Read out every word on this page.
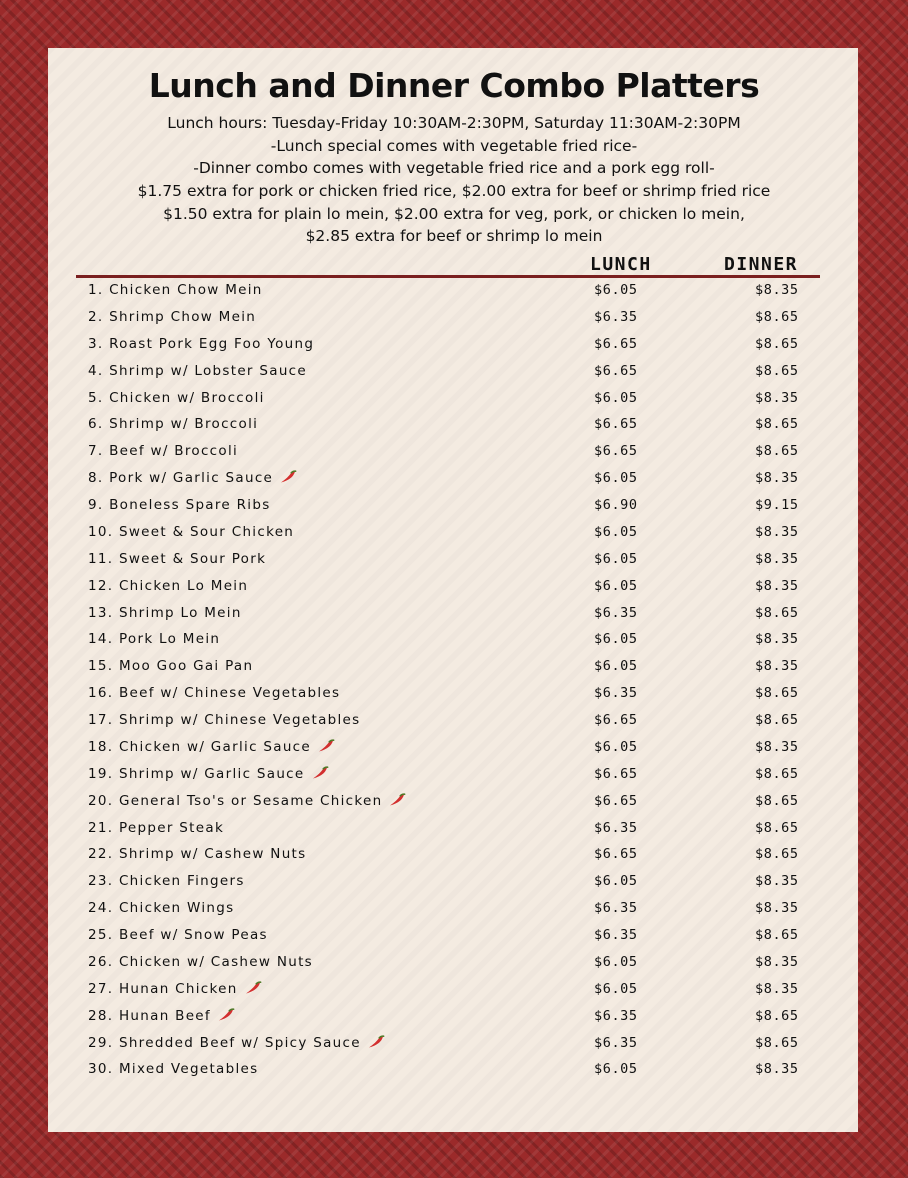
Lunch and Dinner Combo Platters
Lunch hours: Tuesday-Friday 10:30AM-2:30PM, Saturday 11:30AM-2:30PM
-Lunch special comes with vegetable fried rice-
-Dinner combo comes with vegetable fried rice and a pork egg roll-
$1.75 extra for pork or chicken fried rice, $2.00 extra for beef or shrimp fried rice
$1.50 extra for plain lo mein, $2.00 extra for veg, pork, or chicken lo mein,
$2.85 extra for beef or shrimp lo mein
LUNCH	DINNER
1. Chicken Chow Mein	$6.05	$8.35
2. Shrimp Chow Mein	$6.35	$8.65
3. Roast Pork Egg Foo Young	$6.65	$8.65
4. Shrimp w/ Lobster Sauce	$6.65	$8.65
5. Chicken w/ Broccoli	$6.05	$8.35
6. Shrimp w/ Broccoli	$6.65	$8.65
7. Beef w/ Broccoli	$6.65	$8.65
8. Pork w/ Garlic Sauce	$6.05	$8.35
9. Boneless Spare Ribs	$6.90	$9.15
10. Sweet & Sour Chicken	$6.05	$8.35
11. Sweet & Sour Pork	$6.05	$8.35
12. Chicken Lo Mein	$6.05	$8.35
13. Shrimp Lo Mein	$6.35	$8.65
14. Pork Lo Mein	$6.05	$8.35
15. Moo Goo Gai Pan	$6.05	$8.35
16. Beef w/ Chinese Vegetables	$6.35	$8.65
17. Shrimp w/ Chinese Vegetables	$6.65	$8.65
18. Chicken w/ Garlic Sauce	$6.05	$8.35
19. Shrimp w/ Garlic Sauce	$6.65	$8.65
20. General Tso's or Sesame Chicken	$6.65	$8.65
21. Pepper Steak	$6.35	$8.65
22. Shrimp w/ Cashew Nuts	$6.65	$8.65
23. Chicken Fingers	$6.05	$8.35
24. Chicken Wings	$6.35	$8.35
25. Beef w/ Snow Peas	$6.35	$8.65
26. Chicken w/ Cashew Nuts	$6.05	$8.35
27. Hunan Chicken	$6.05	$8.35
28. Hunan Beef	$6.35	$8.65
29. Shredded Beef w/ Spicy Sauce	$6.35	$8.65
30. Mixed Vegetables	$6.05	$8.35
